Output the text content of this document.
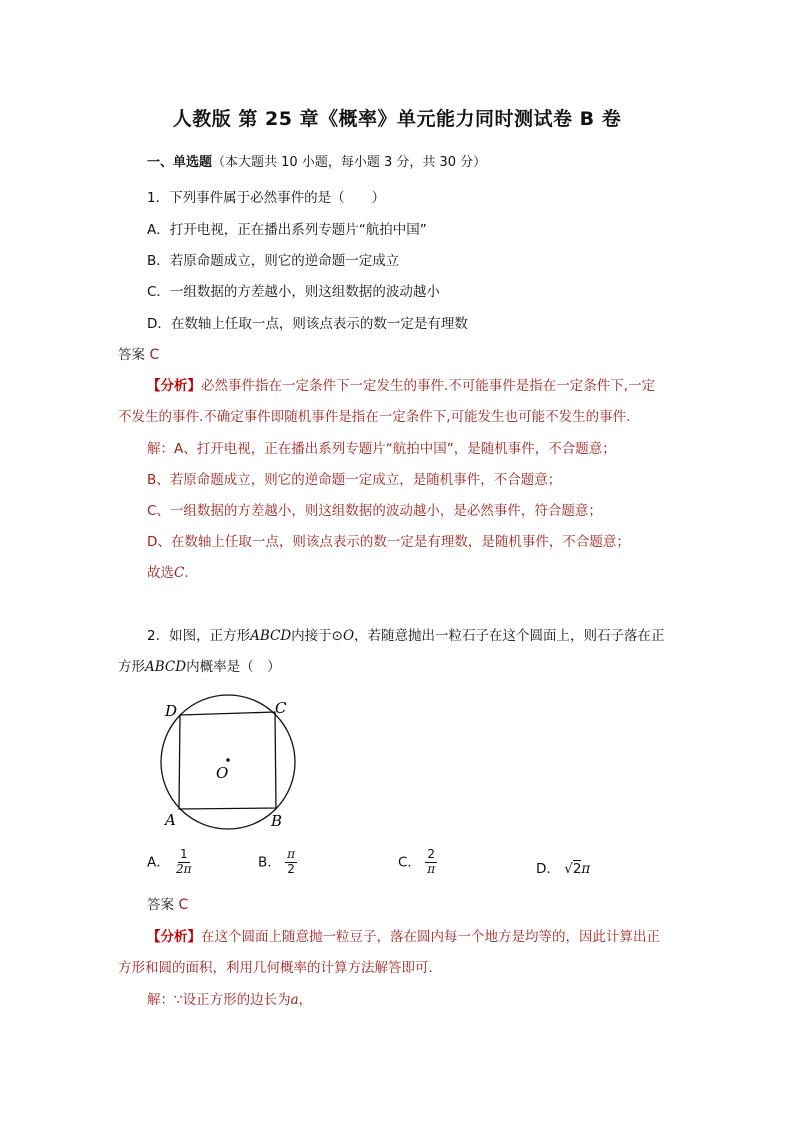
人教版 第 25 章《概率》单元能力同时测试卷 B 卷
一、单选题（本大题共 10 小题，每小题 3 分，共 30 分）
1．下列事件属于必然事件的是（　　）
A．打开电视，正在播出系列专题片“航拍中国”
B．若原命题成立，则它的逆命题一定成立
C．一组数据的方差越小，则这组数据的波动越小
D．在数轴上任取一点，则该点表示的数一定是有理数
答案 C
【分析】必然事件指在一定条件下一定发生的事件.不可能事件是指在一定条件下,一定
不发生的事件.不确定事件即随机事件是指在一定条件下,可能发生也可能不发生的事件.
解：A、打开电视，正在播出系列专题片“航拍中国”，是随机事件，不合题意；
B、若原命题成立，则它的逆命题一定成立，是随机事件，不合题意；
C、一组数据的方差越小，则这组数据的波动越小，是必然事件，符合题意；
D、在数轴上任取一点，则该点表示的数一定是有理数，是随机事件，不合题意；
故选C.
2．如图，正方形ABCD内接于⊙O，若随意抛出一粒石子在这个圆面上，则石子落在正
方形ABCD内概率是（　）
D	C
A	B
O
A． $\frac{1}{2\pi}$	B． $\frac{\pi}{2}$	C． $\frac{2}{\pi}$	D． √2π
答案 C
【分析】在这个圆面上随意抛一粒豆子，落在圆内每一个地方是均等的，因此计算出正
方形和圆的面积，利用几何概率的计算方法解答即可．
解：∵设正方形的边长为a，
